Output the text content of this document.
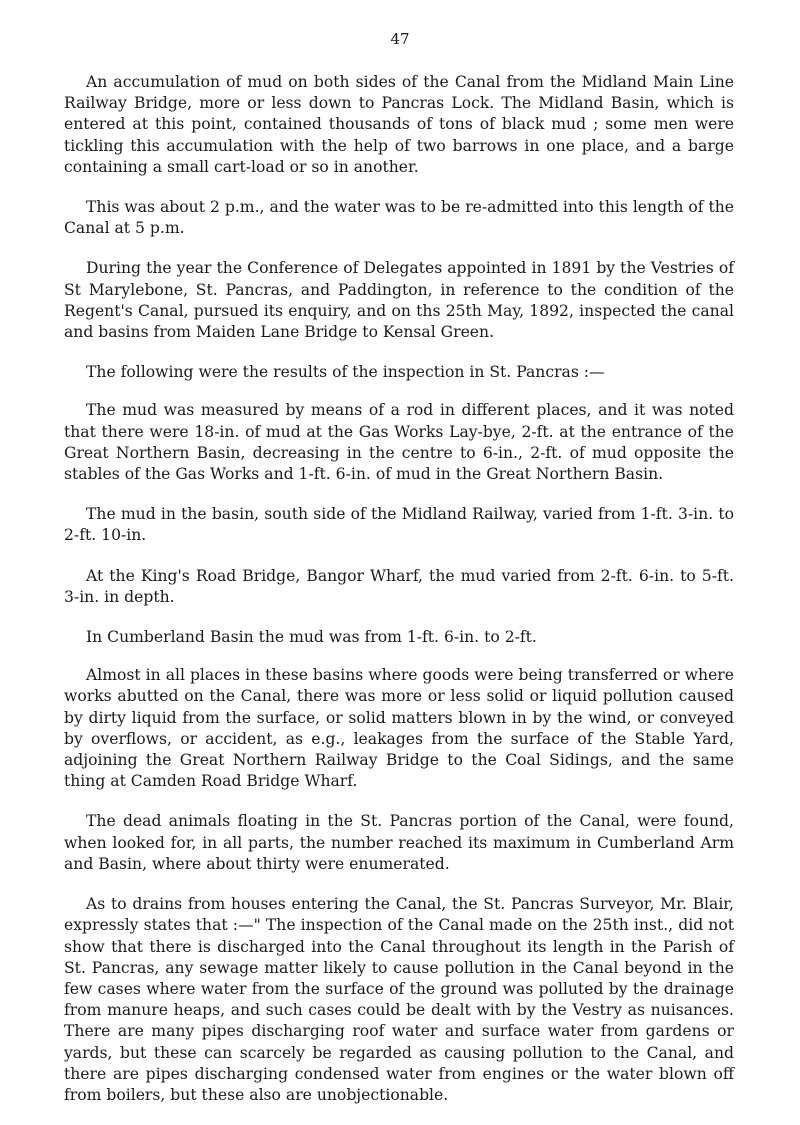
47

An accumulation of mud on both sides of the Canal from the Midland Main Line Railway Bridge, more or less down to Pancras Lock. The Midland Basin, which is entered at this point, contained thousands of tons of black mud ; some men were tickling this accumulation with the help of two barrows in one place, and a barge containing a small cart-load or so in another.

This was about 2 p.m., and the water was to be re-admitted into this length of the Canal at 5 p.m.

During the year the Conference of Delegates appointed in 1891 by the Vestries of St Marylebone, St. Pancras, and Paddington, in reference to the condition of the Regent's Canal, pursued its enquiry, and on ths 25th May, 1892, inspected the canal and basins from Maiden Lane Bridge to Kensal Green.

The following were the results of the inspection in St. Pancras :—

The mud was measured by means of a rod in different places, and it was noted that there were 18-in. of mud at the Gas Works Lay-bye, 2-ft. at the entrance of the Great Northern Basin, decreasing in the centre to 6-in., 2-ft. of mud opposite the stables of the Gas Works and 1-ft. 6-in. of mud in the Great Northern Basin.

The mud in the basin, south side of the Midland Railway, varied from 1-ft. 3-in. to 2-ft. 10-in.

At the King's Road Bridge, Bangor Wharf, the mud varied from 2-ft. 6-in. to 5-ft. 3-in. in depth.

In Cumberland Basin the mud was from 1-ft. 6-in. to 2-ft.

Almost in all places in these basins where goods were being transferred or where works abutted on the Canal, there was more or less solid or liquid pollution caused by dirty liquid from the surface, or solid matters blown in by the wind, or conveyed by overflows, or accident, as e.g., leakages from the surface of the Stable Yard, adjoining the Great Northern Railway Bridge to the Coal Sidings, and the same thing at Camden Road Bridge Wharf.

The dead animals floating in the St. Pancras portion of the Canal, were found, when looked for, in all parts, the number reached its maximum in Cumberland Arm and Basin, where about thirty were enumerated.

As to drains from houses entering the Canal, the St. Pancras Surveyor, Mr. Blair, expressly states that :—" The inspection of the Canal made on the 25th inst., did not show that there is discharged into the Canal throughout its length in the Parish of St. Pancras, any sewage matter likely to cause pollution in the Canal beyond in the few cases where water from the surface of the ground was polluted by the drainage from manure heaps, and such cases could be dealt with by the Vestry as nuisances. There are many pipes discharging roof water and surface water from gardens or yards, but these can scarcely be regarded as causing pollution to the Canal, and there are pipes discharging condensed water from engines or the water blown off from boilers, but these also are unobjectionable.
